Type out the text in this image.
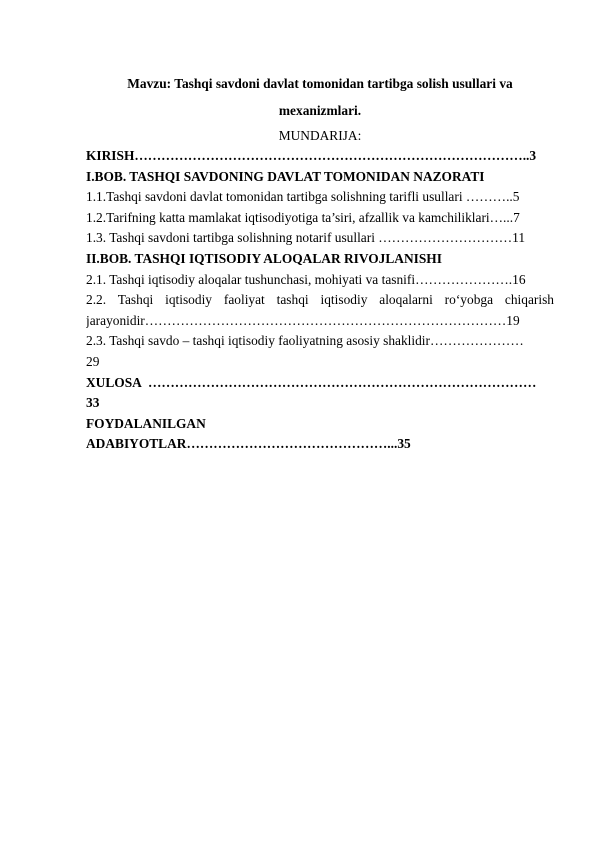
Mavzu: Tashqi savdoni davlat tomonidan tartibga solish usullari va
mexanizmlari.
MUNDARIJA:
KIRISH……………………………………………………………………………..3
I.BOB. TASHQI SAVDONING DAVLAT TOMONIDAN NAZORATI
1.1.Tashqi savdoni davlat tomonidan tartibga solishning tarifli usullari ………..5
1.2.Tarifning katta mamlakat iqtisodiyotiga ta’siri, afzallik va kamchiliklari…...7
1.3. Tashqi savdoni tartibga solishning notarif usullari …………………………11
II.BOB. TASHQI IQTISODIY ALOQALAR RIVOJLANISHI
2.1. Tashqi iqtisodiy aloqalar tushunchasi, mohiyati va tasnifi………………….16
2.2. Tashqi iqtisodiy faoliyat tashqi iqtisodiy aloqalarni ro‘yobga chiqarish
jarayonidir………………………………………………………………………19
2.3. Tashqi savdo – tashqi iqtisodiy faoliyatning asosiy shaklidir…………………
29
XULOSA ……………………………………………………………………………
33
FOYDALANILGAN
ADABIYOTLAR………………………………………...35
